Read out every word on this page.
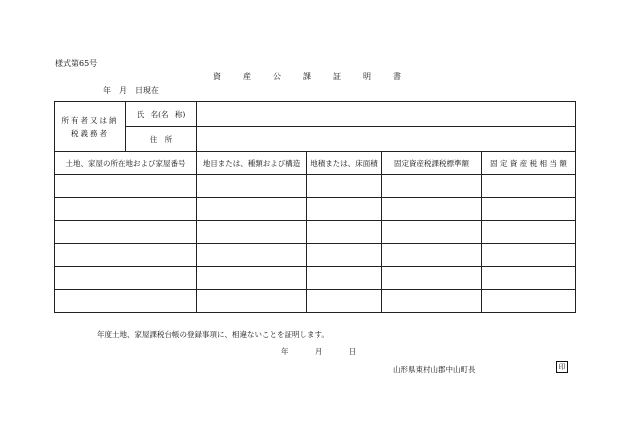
様式第65号
資産公課証明書
年　月　日現在
所有者又は納税義務者	氏 名(名 称)				
	住　所				
土地、家屋の所在地および家屋番号		地目または、種類および構造	地積または、床面積	固定資産税課税標準額	固 定 資 産 税 相 当 額

年度土地、家屋課税台帳の登録事項に、相違ないことを証明します。
年 月 日
山形県東村山郡中山町長	印
